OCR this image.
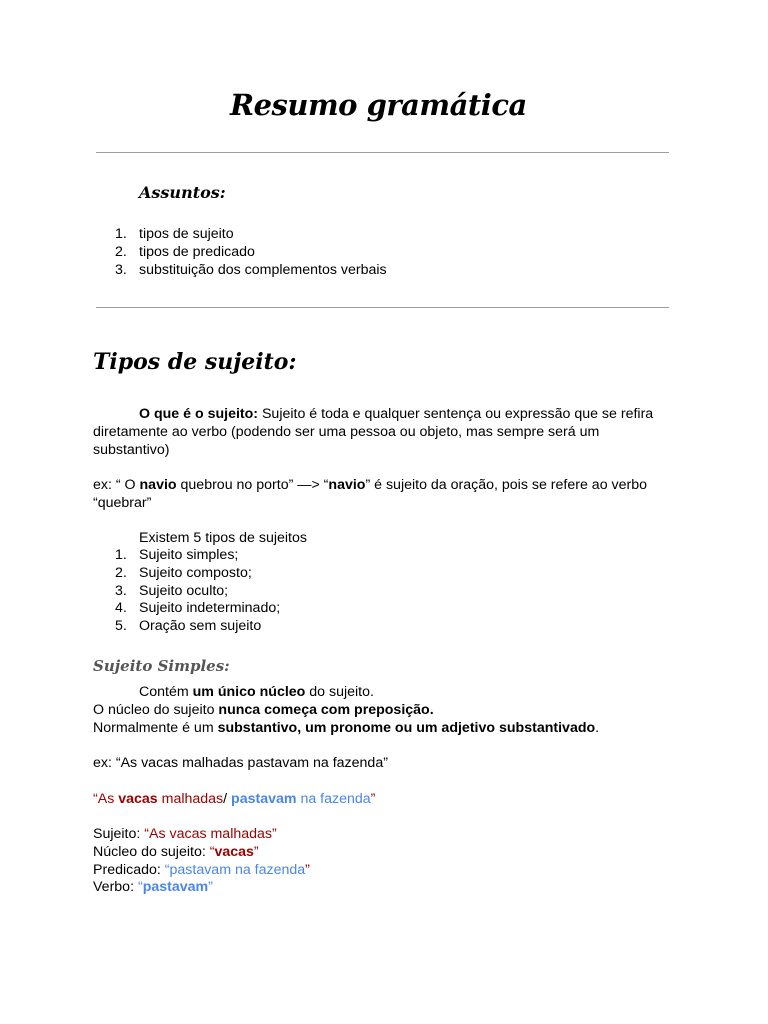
Resumo gramática
Assuntos:
1. tipos de sujeito
2. tipos de predicado
3. substituição dos complementos verbais
Tipos de sujeito:
O que é o sujeito: Sujeito é toda e qualquer sentença ou expressão que se refira diretamente ao verbo (podendo ser uma pessoa ou objeto, mas sempre será um substantivo)
ex: “ O navio quebrou no porto” —> “navio” é sujeito da oração, pois se refere ao verbo “quebrar”
Existem 5 tipos de sujeitos
1. Sujeito simples;
2. Sujeito composto;
3. Sujeito oculto;
4. Sujeito indeterminado;
5. Oração sem sujeito
Sujeito Simples:
Contém um único núcleo do sujeito.
O núcleo do sujeito nunca começa com preposição.
Normalmente é um substantivo, um pronome ou um adjetivo substantivado.
ex: “As vacas malhadas pastavam na fazenda”
“As vacas malhadas/ pastavam na fazenda”
Sujeito: “As vacas malhadas”
Núcleo do sujeito: “vacas”
Predicado: “pastavam na fazenda”
Verbo: “pastavam”
